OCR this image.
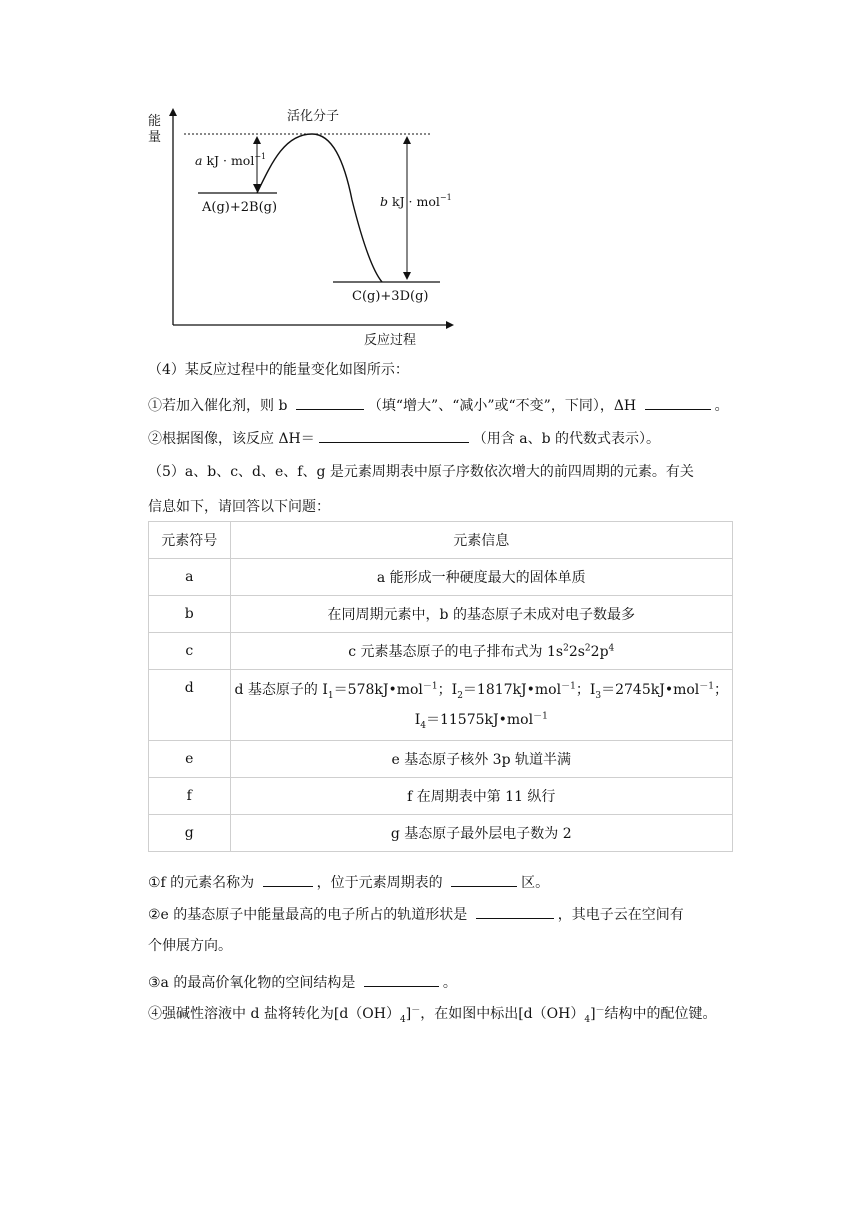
能
量
反应过程
活化分子
a kJ · mol$^{-1}$
b kJ · mol$^{-1}$
A(g)+2B(g)
C(g)+3D(g)
（4）某反应过程中的能量变化如图所示：
①若加入催化剂，则 b	（填“增大”、“减小”或“不变”，下同），ΔH	。
②根据图像，该反应 ΔH＝	（用含 a、b 的代数式表示）。
（5）a、b、c、d、e、f、g 是元素周期表中原子序数依次增大的前四周期的元素。有关
信息如下，请回答以下问题：
元素符号	元素信息
a	a 能形成一种硬度最大的固体单质
b	在同周期元素中，b 的基态原子未成对电子数最多
c	c 元素基态原子的电子排布式为 $1s^22s^22p^4$
d	d 基态原子的 $I_1=578kJ•mol^{-1}$；$I_2=1817kJ•mol^{-1}$；$I_3=2745kJ•mol^{-1}$；
$I_4=11575kJ•mol^{-1}$

e	e 基态原子核外 3p 轨道半满
f	f 在周期表中第 11 纵行
g	g 基态原子最外层电子数为 2
①f 的元素名称为	，位于元素周期表的	区。
②e 的基态原子中能量最高的电子所占的轨道形状是	，其电子云在空间有
个伸展方向。
③a 的最高价氧化物的空间结构是	。
④强碱性溶液中 d 盐将转化为$[d(OH)_4]^-$，在如图中标出$[d(OH)_4]^-$结构中的配位键。
